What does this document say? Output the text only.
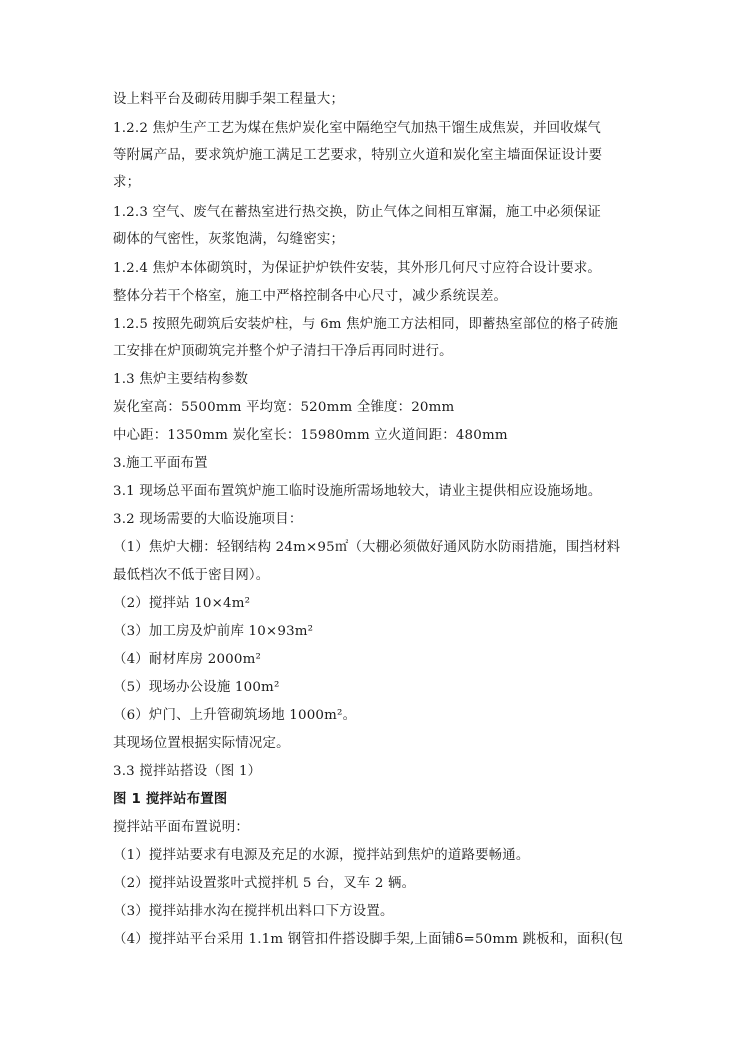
设上料平台及砌砖用脚手架工程量大；
1.2.2 焦炉生产工艺为煤在焦炉炭化室中隔绝空气加热干馏生成焦炭，并回收煤气
等附属产品，要求筑炉施工满足工艺要求，特别立火道和炭化室主墙面保证设计要
求；
1.2.3 空气、废气在蓄热室进行热交换，防止气体之间相互窜漏，施工中必须保证
砌体的气密性，灰浆饱满，勾缝密实；
1.2.4 焦炉本体砌筑时，为保证护炉铁件安装，其外形几何尺寸应符合设计要求。
整体分若干个格室，施工中严格控制各中心尺寸，减少系统误差。
1.2.5 按照先砌筑后安装炉柱，与 6m 焦炉施工方法相同，即蓄热室部位的格子砖施
工安排在炉顶砌筑完并整个炉子清扫干净后再同时进行。
1.3 焦炉主要结构参数
炭化室高：5500mm 平均宽：520mm 全锥度：20mm
中心距：1350mm 炭化室长：15980mm 立火道间距：480mm
3.施工平面布置
3.1 现场总平面布置筑炉施工临时设施所需场地较大，请业主提供相应设施场地。
3.2 现场需要的大临设施项目：
（1）焦炉大棚：轻钢结构 24m×95㎡（大棚必须做好通风防水防雨措施，围挡材料
最低档次不低于密目网）。
（2）搅拌站 10×4m²
（3）加工房及炉前库 10×93m²
（4）耐材库房 2000m²
（5）现场办公设施 100m²
（6）炉门、上升管砌筑场地 1000m²。
其现场位置根据实际情况定。
3.3 搅拌站搭设（图 1）
图 1 搅拌站布置图
搅拌站平面布置说明：
（1）搅拌站要求有电源及充足的水源，搅拌站到焦炉的道路要畅通。
（2）搅拌站设置浆叶式搅拌机 5 台，叉车 2 辆。
（3）搅拌站排水沟在搅拌机出料口下方设置。
（4）搅拌站平台采用 1.1m 钢管扣件搭设脚手架,上面铺δ=50mm 跳板和，面积(包
